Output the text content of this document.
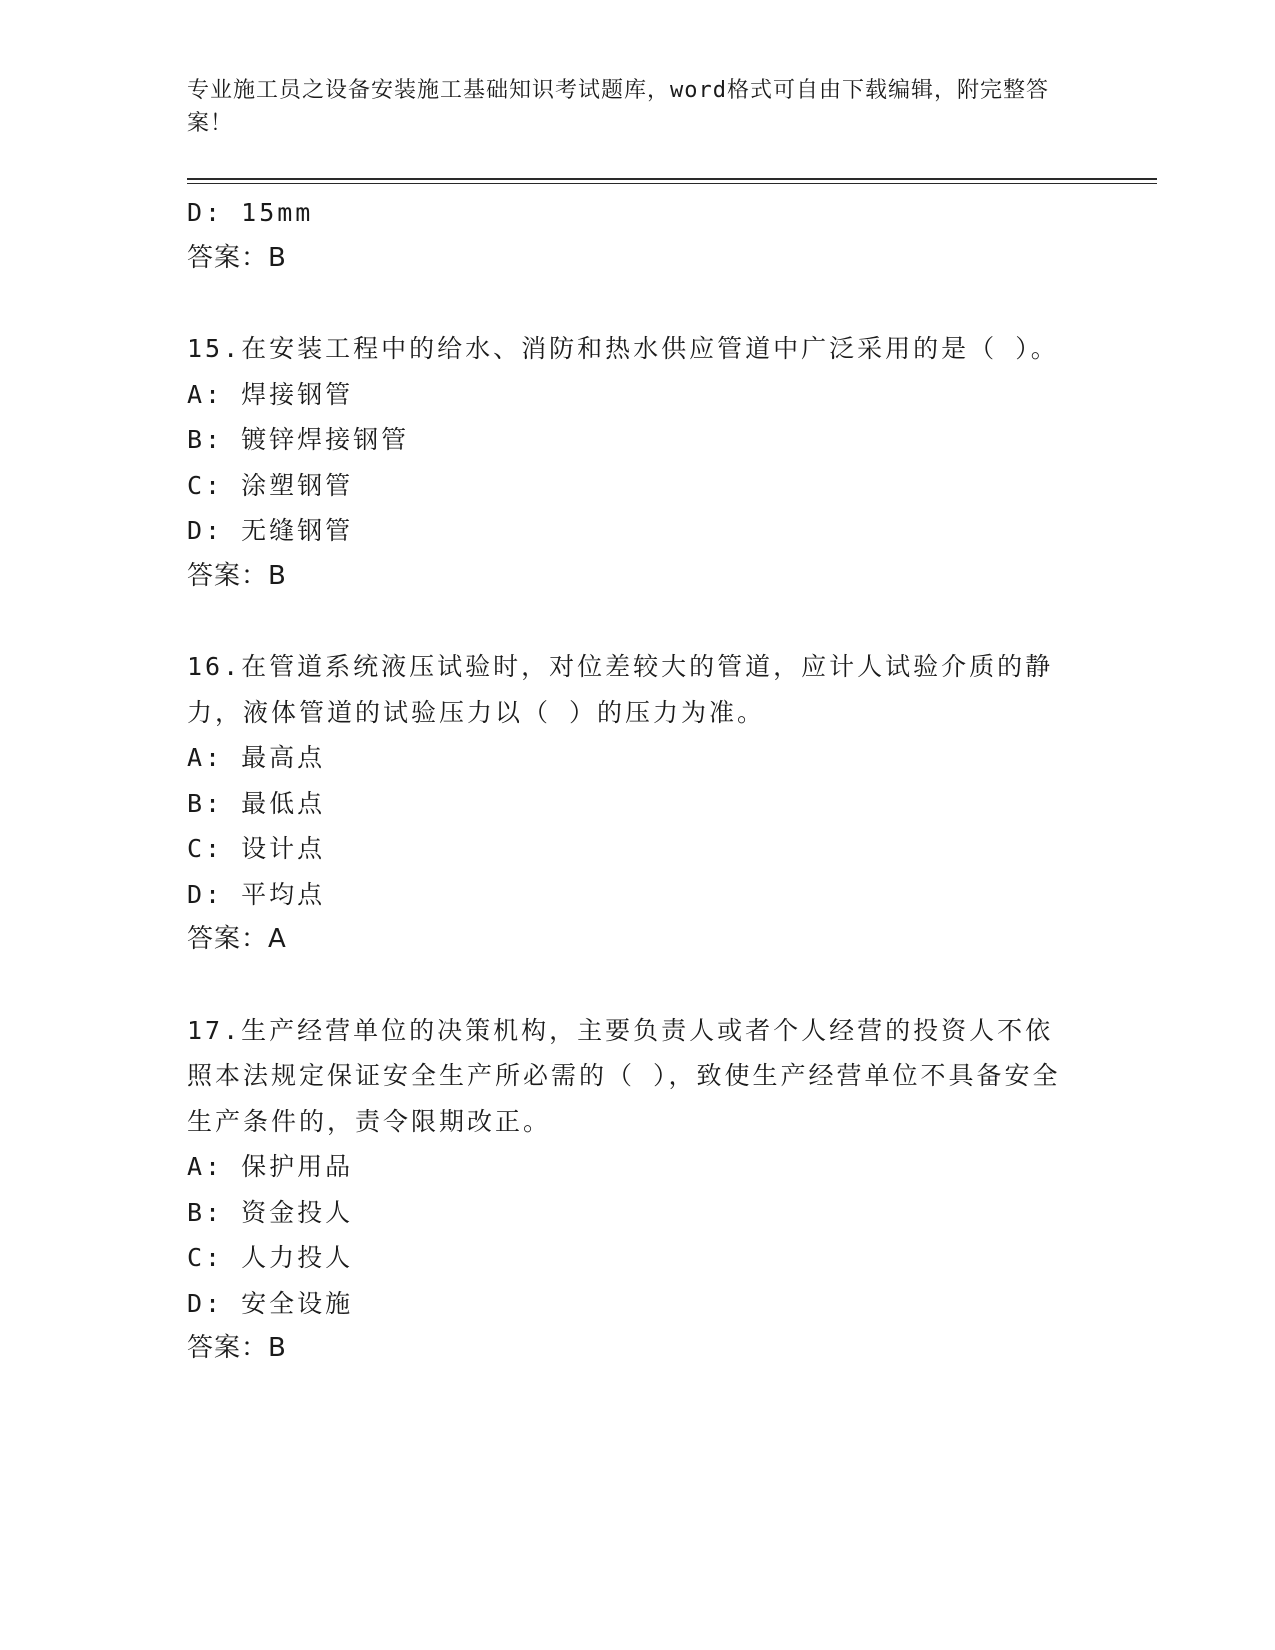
专业施工员之设备安装施工基础知识考试题库，word格式可自由下载编辑，附完整答案！
D: 15mm
答案：B
15.在安装工程中的给水、消防和热水供应管道中广泛采用的是（ ）。
A: 焊接钢管
B: 镀锌焊接钢管
C: 涂塑钢管
D: 无缝钢管
答案：B
16.在管道系统液压试验时，对位差较大的管道，应计人试验介质的静力，液体管道的试验压力以（ ）的压力为准。
A: 最高点
B: 最低点
C: 设计点
D: 平均点
答案：A
17.生产经营单位的决策机构，主要负责人或者个人经营的投资人不依照本法规定保证安全生产所必需的（ ），致使生产经营单位不具备安全生产条件的，责令限期改正。
A: 保护用品
B: 资金投人
C: 人力投人
D: 安全设施
答案：B
